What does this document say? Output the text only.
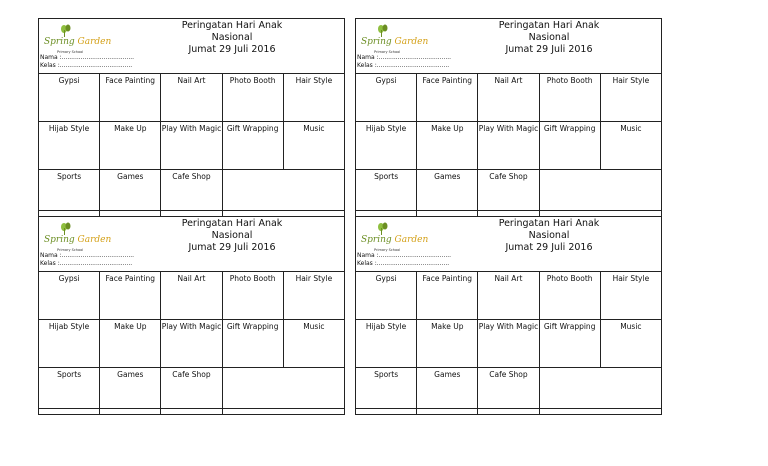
Spring Garden
Primary School
Peringatan Hari Anak Nasional
Jumat 29 Juli 2016
Nama :......................................
Kelas :......................................
Gypsi	Face Painting	Nail Art	Photo Booth	Hair Style
Hijab Style	Make Up	Play With Magic	Gift Wrapping	Music
Sports	Games	Cafe Shop		
Spring Garden
Primary School
Peringatan Hari Anak Nasional
Jumat 29 Juli 2016
Nama :......................................
Kelas :......................................
Gypsi	Face Painting	Nail Art	Photo Booth	Hair Style
Hijab Style	Make Up	Play With Magic	Gift Wrapping	Music
Sports	Games	Cafe Shop		
Spring Garden
Primary School
Peringatan Hari Anak Nasional
Jumat 29 Juli 2016
Nama :......................................
Kelas :......................................
Gypsi	Face Painting	Nail Art	Photo Booth	Hair Style
Hijab Style	Make Up	Play With Magic	Gift Wrapping	Music
Sports	Games	Cafe Shop		
Spring Garden
Primary School
Peringatan Hari Anak Nasional
Jumat 29 Juli 2016
Nama :......................................
Kelas :......................................
Gypsi	Face Painting	Nail Art	Photo Booth	Hair Style
Hijab Style	Make Up	Play With Magic	Gift Wrapping	Music
Sports	Games	Cafe Shop		
